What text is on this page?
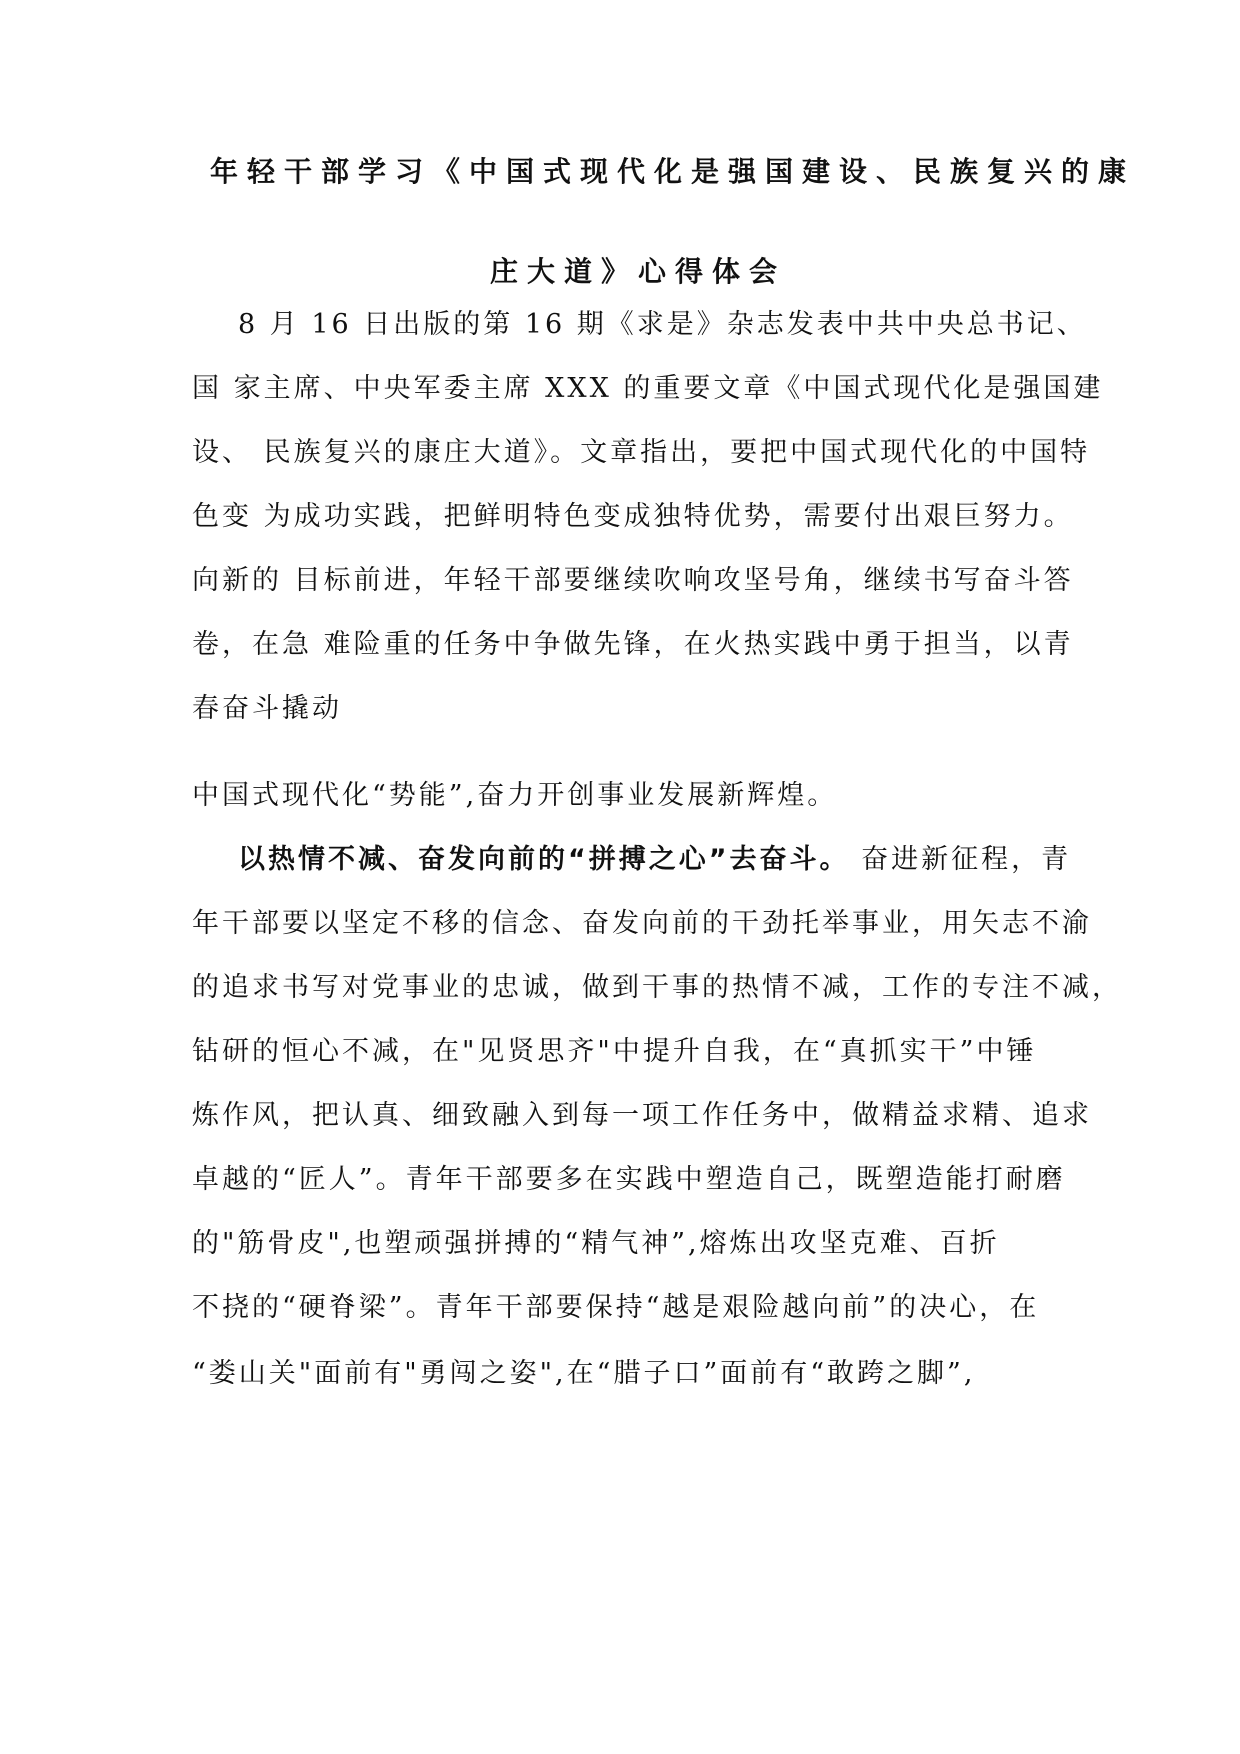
年轻干部学习《中国式现代化是强国建设、民族复兴的康
庄大道》心得体会

8 月 16 日出版的第 16 期《求是》杂志发表中共中央总书记、

国 家主席、中央军委主席 XXX 的重要文章《中国式现代化是强国建

设、 民族复兴的康庄大道》。文章指出，要把中国式现代化的中国特

色变 为成功实践，把鲜明特色变成独特优势，需要付出艰巨努力。

向新的 目标前进，年轻干部要继续吹响攻坚号角，继续书写奋斗答

卷，在急 难险重的任务中争做先锋，在火热实践中勇于担当，以青

春奋斗撬动

中国式现代化“势能”,奋力开创事业发展新辉煌。

以热情不减、奋发向前的“拼搏之心”去奋斗。 奋进新征程，青

年干部要以坚定不移的信念、奋发向前的干劲托举事业，用矢志不渝

的追求书写对党事业的忠诚，做到干事的热情不减，工作的专注不减，

钻研的恒心不减，在"见贤思齐"中提升自我，在“真抓实干”中锤

炼作风，把认真、细致融入到每一项工作任务中，做精益求精、追求

卓越的“匠人”。青年干部要多在实践中塑造自己，既塑造能打耐磨

的"筋骨皮",也塑顽强拼搏的“精气神”,熔炼出攻坚克难、百折

不挠的“硬脊梁”。青年干部要保持“越是艰险越向前”的决心，在

“娄山关"面前有"勇闯之姿",在“腊子口”面前有“敢跨之脚”,
